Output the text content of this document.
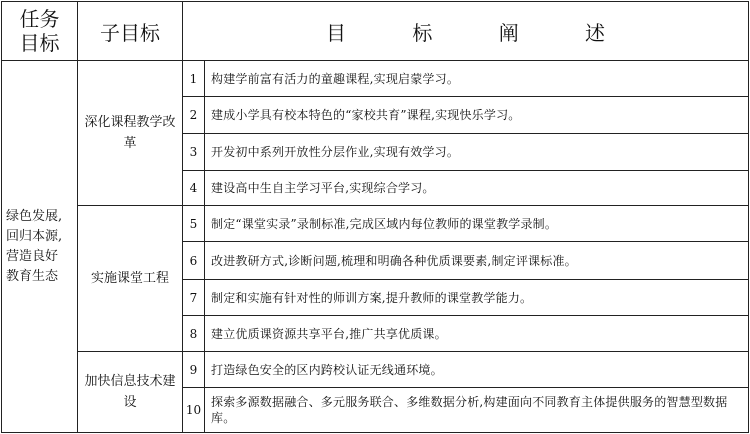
任务
目标	子目标	目 标 阐 述	

绿色发展,
回归本源,
营造良好
教育生态	深化课程教学改革	1	构建学前富有活力的童趣课程,实现启蒙学习。
		2	建成小学具有校本特色的“家校共育”课程,实现快乐学习。
		3	开发初中系列开放性分层作业,实现有效学习。
		4	建设高中生自主学习平台,实现综合学习。
	实施课堂工程	5	制定“课堂实录”录制标准,完成区域内每位教师的课堂教学录制。
		6	改进教研方式,诊断问题,梳理和明确各种优质课要素,制定评课标准。
		7	制定和实施有针对性的师训方案,提升教师的课堂教学能力。
		8	建立优质课资源共享平台,推广共享优质课。
	加快信息技术建设	9	打造绿色安全的区内跨校认证无线通环境。
		10	探索多源数据融合、多元服务联合、多维数据分析,构建面向不同教育主体提供服务的智慧型数据库。
